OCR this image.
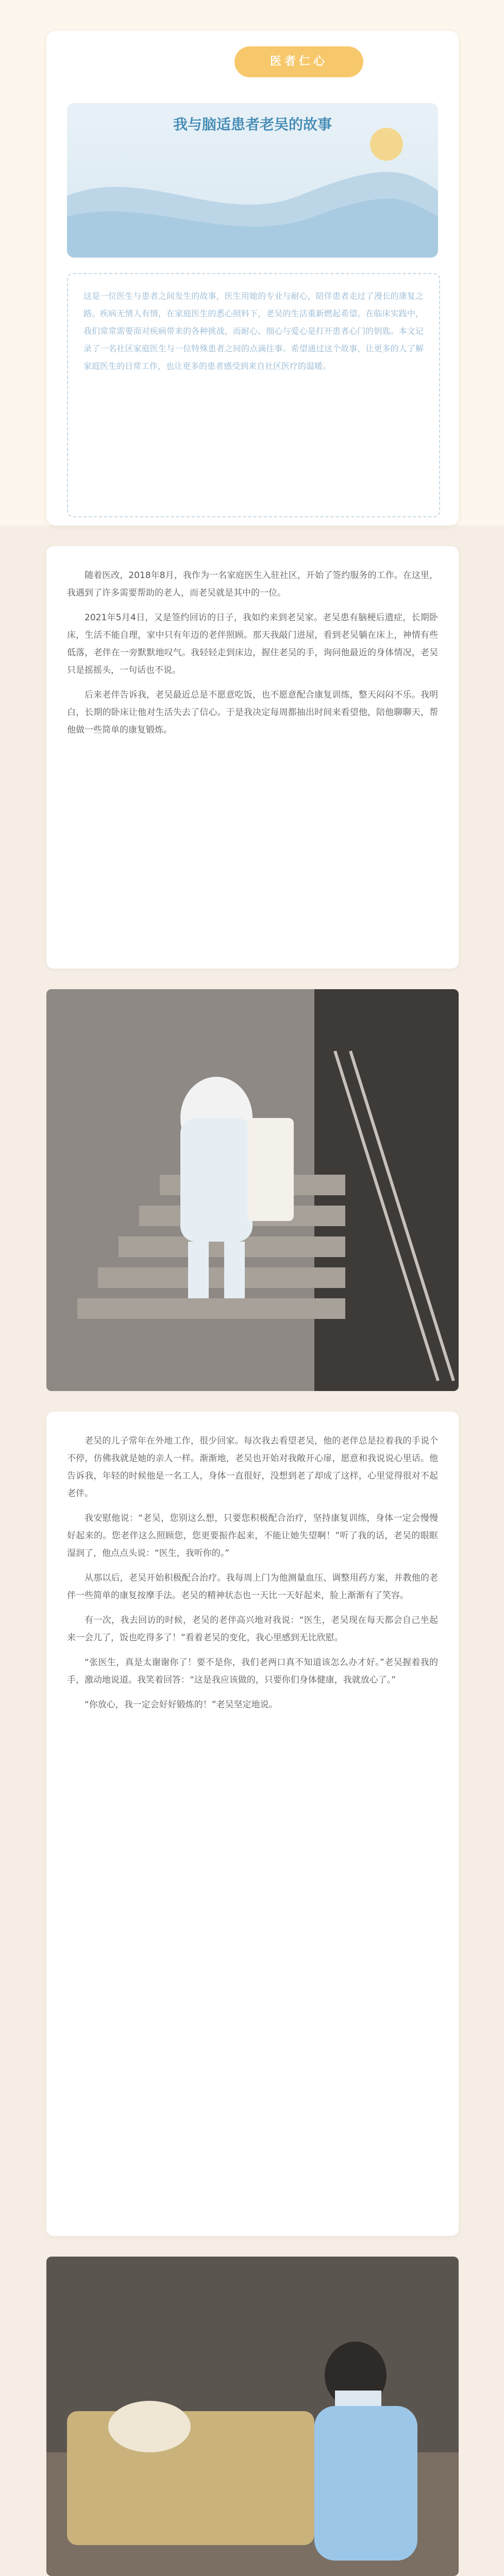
医者仁心
我与脑适患者老吴的故事
这是一位医生与患者之间发生的故事，医生用她的专业与耐心，陪伴患者走过了漫长的康复之路。疾病无情人有情，在家庭医生的悉心照料下，老吴的生活重新燃起希望。在临床实践中，我们常常需要面对疾病带来的各种挑战，而耐心、细心与爱心是打开患者心门的钥匙。本文记录了一名社区家庭医生与一位特殊患者之间的点滴往事。希望通过这个故事，让更多的人了解家庭医生的日常工作，也让更多的患者感受到来自社区医疗的温暖。

随着医改，2018年8月，我作为一名家庭医生入驻社区，开始了签约服务的工作。在这里，我遇到了许多需要帮助的老人，而老吴就是其中的一位。

2021年5月4日，又是签约回访的日子，我如约来到老吴家。老吴患有脑梗后遗症，长期卧床，生活不能自理，家中只有年迈的老伴照顾。那天我敲门进屋，看到老吴躺在床上，神情有些低落，老伴在一旁默默地叹气。我轻轻走到床边，握住老吴的手，询问他最近的身体情况，老吴只是摇摇头，一句话也不说。

后来老伴告诉我，老吴最近总是不愿意吃饭，也不愿意配合康复训练，整天闷闷不乐。我明白，长期的卧床让他对生活失去了信心。于是我决定每周都抽出时间来看望他，陪他聊聊天，帮他做一些简单的康复锻炼。

老吴的儿子常年在外地工作，很少回家。每次我去看望老吴，他的老伴总是拉着我的手说个不停，仿佛我就是她的亲人一样。渐渐地，老吴也开始对我敞开心扉，愿意和我说说心里话。他告诉我，年轻的时候他是一名工人，身体一直很好，没想到老了却成了这样，心里觉得很对不起老伴。

我安慰他说：“老吴，您别这么想，只要您积极配合治疗，坚持康复训练，身体一定会慢慢好起来的。您老伴这么照顾您，您更要振作起来，不能让她失望啊！”听了我的话，老吴的眼眶湿润了，他点点头说：“医生，我听你的。”

从那以后，老吴开始积极配合治疗。我每周上门为他测量血压、调整用药方案，并教他的老伴一些简单的康复按摩手法。老吴的精神状态也一天比一天好起来，脸上渐渐有了笑容。

有一次，我去回访的时候，老吴的老伴高兴地对我说：“医生，老吴现在每天都会自己坐起来一会儿了，饭也吃得多了！”看着老吴的变化，我心里感到无比欣慰。

“张医生，真是太谢谢你了！要不是你，我们老两口真不知道该怎么办才好。”老吴握着我的手，激动地说道。我笑着回答：“这是我应该做的，只要你们身体健康，我就放心了。”

“你放心，我一定会好好锻炼的！”老吴坚定地说。
